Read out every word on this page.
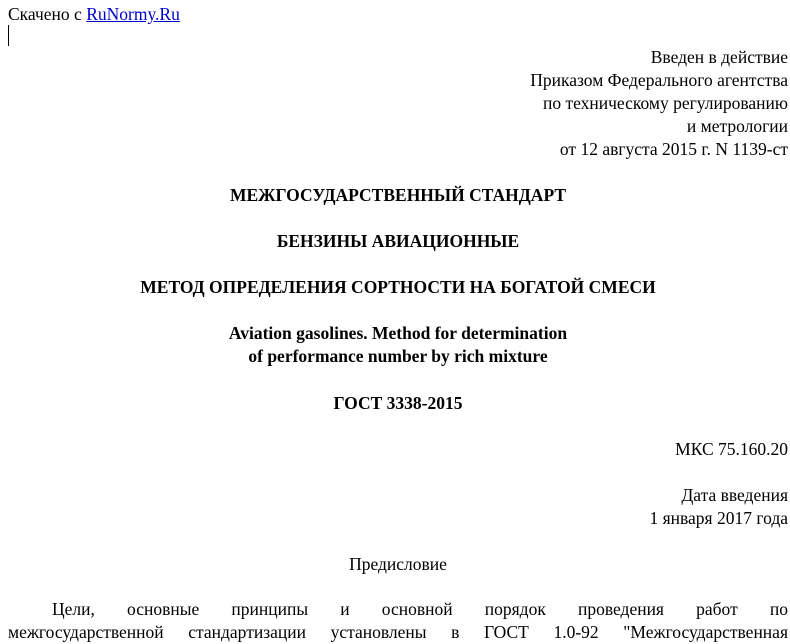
Скачено с RuNormy.Ru
Введен в действие
Приказом Федерального агентства
по техническому регулированию
и метрологии
от 12 августа 2015 г. N 1139-ст
МЕЖГОСУДАРСТВЕННЫЙ СТАНДАРТ
БЕНЗИНЫ АВИАЦИОННЫЕ
МЕТОД ОПРЕДЕЛЕНИЯ СОРТНОСТИ НА БОГАТОЙ СМЕСИ
Aviation gasolines. Method for determination
of performance number by rich mixture
ГОСТ 3338-2015
МКС 75.160.20
Дата введения
1 января 2017 года
Предисловие
Цели, основные принципы и основной порядок проведения работ по
межгосударственной стандартизации установлены в ГОСТ 1.0-92 "Межгосударственная
